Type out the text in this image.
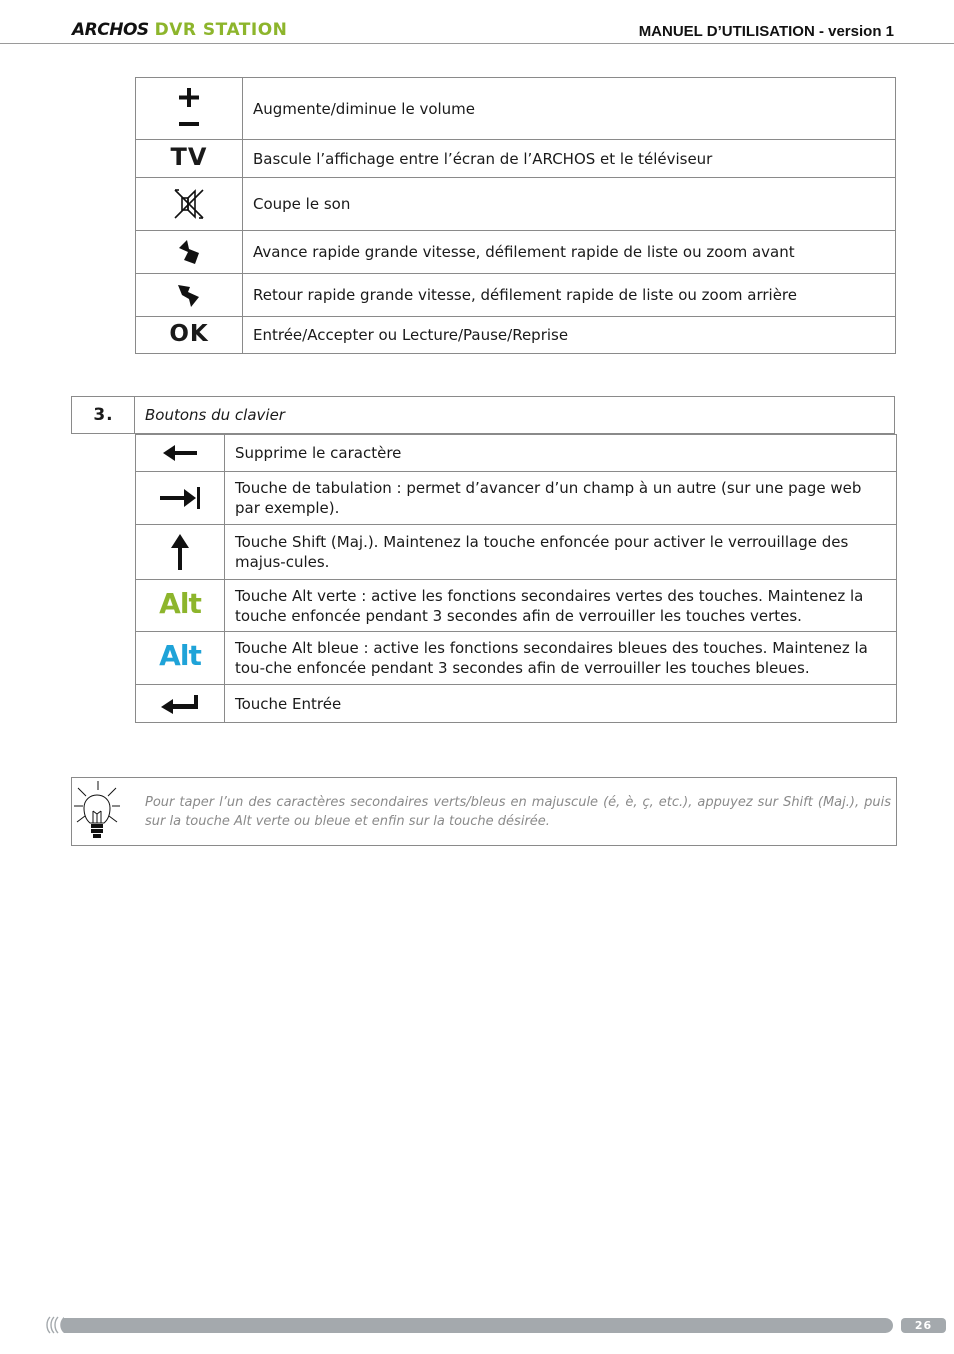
ARCHOS DVR STATION	MANUEL D’UTILISATION - version 1
	Augmente/diminue le volume
TV	Bascule l’affichage entre l’écran de l’ARCHOS et le téléviseur

	Coupe le son

	Avance rapide grande vitesse, défilement rapide de liste ou zoom avant

	Retour rapide grande vitesse, défilement rapide de liste ou zoom arrière
OK	Entrée/Accepter ou Lecture/Pause/Reprise
3.	Boutons du clavier
	Supprime le caractère

	Touche de tabulation : permet d’avancer d’un champ à un autre (sur une page web par exemple).

	Touche Shift (Maj.). Maintenez la touche enfoncée pour activer le verrouillage des majus-cules.
Alt	Touche Alt verte : active les fonctions secondaires vertes des touches. Maintenez la touche enfoncée pendant 3 secondes afin de verrouiller les touches vertes.
Alt	Touche Alt bleue : active les fonctions secondaires bleues des touches. Maintenez la tou-che enfoncée pendant 3 secondes afin de verrouiller les touches bleues.

	Touche Entrée
Pour taper l’un des caractères secondaires verts/bleus en majuscule (é, è, ç, etc.), appuyez sur Shift (Maj.), puis sur la touche Alt verte ou bleue et enfin sur la touche désirée.
26
